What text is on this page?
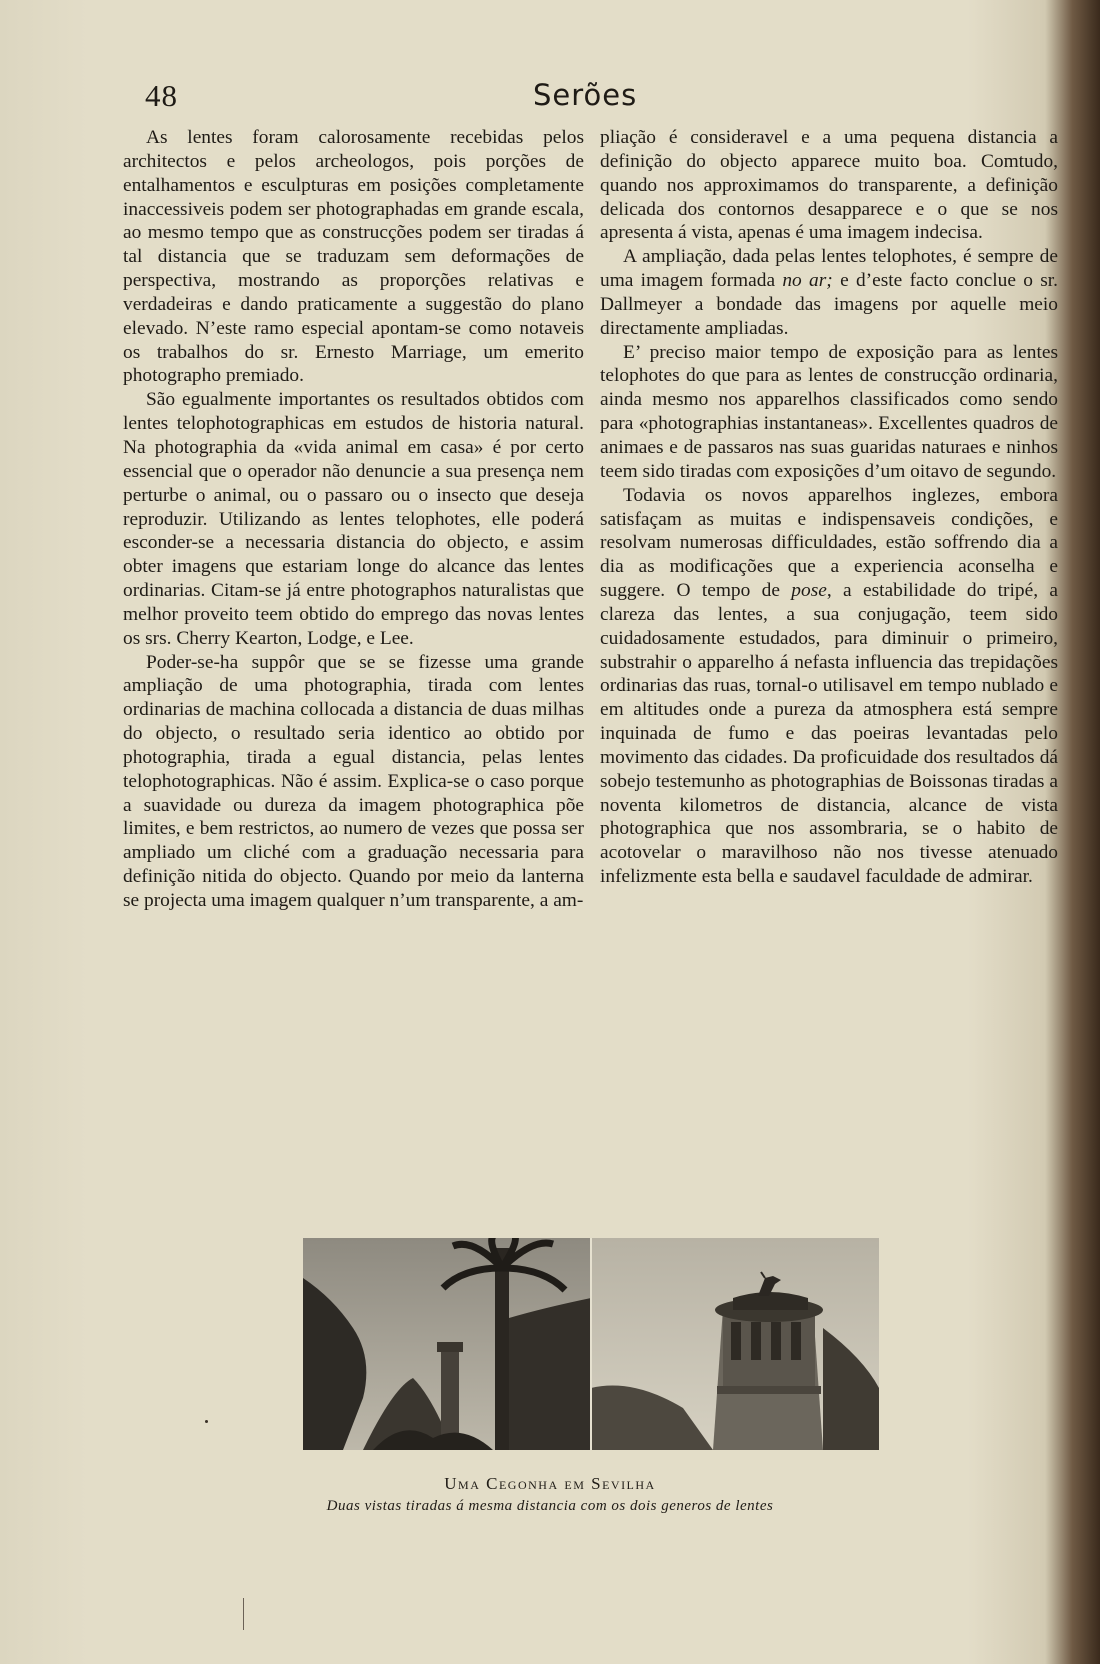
48	Serões

As lentes foram calorosamente recebidas pelos architectos e pelos archeologos, pois porções de entalhamentos e esculpturas em posições completamente inaccessiveis podem ser photographadas em grande escala, ao mesmo tempo que as construcções podem ser tiradas á tal distancia que se traduzam sem deformações de perspectiva, mostrando as proporções relativas e verdadeiras e dando praticamente a suggestão do plano elevado. N’este ramo especial apontam-se como notaveis os trabalhos do sr. Ernesto Marriage, um emerito photographo premiado.

São egualmente importantes os resultados obtidos com lentes telophotographicas em estudos de historia natural. Na photographia da «vida animal em casa» é por certo essencial que o operador não denuncie a sua presença nem perturbe o animal, ou o passaro ou o insecto que deseja reproduzir. Utilizando as lentes telophotes, elle poderá esconder-se a necessaria distancia do objecto, e assim obter imagens que estariam longe do alcance das lentes ordinarias. Citam-se já entre photographos naturalistas que melhor proveito teem obtido do emprego das novas lentes os srs. Cherry Kearton, Lodge, e Lee.

Poder-se-ha suppôr que se se fizesse uma grande ampliação de uma photographia, tirada com lentes ordinarias de machina collocada a distancia de duas milhas do objecto, o resultado seria identico ao obtido por photographia, tirada a egual distancia, pelas lentes telophotographicas. Não é assim. Explica-se o caso porque a suavidade ou dureza da imagem photographica põe limites, e bem restrictos, ao numero de vezes que possa ser ampliado um cliché com a graduação necessaria para definição nitida do objecto. Quando por meio da lanterna se projecta uma imagem qualquer n’um transparente, a am-

pliação é consideravel e a uma pequena distancia a definição do objecto apparece muito boa. Comtudo, quando nos approximamos do transparente, a definição delicada dos contornos desapparece e o que se nos apresenta á vista, apenas é uma imagem indecisa.

A ampliação, dada pelas lentes telophotes, é sempre de uma imagem formada no ar; e d’este facto conclue o sr. Dallmeyer a bondade das imagens por aquelle meio directamente ampliadas.

E’ preciso maior tempo de exposição para as lentes telophotes do que para as lentes de construcção ordinaria, ainda mesmo nos apparelhos classificados como sendo para «photographias instantaneas». Excellentes quadros de animaes e de passaros nas suas guaridas naturaes e ninhos teem sido tiradas com exposições d’um oitavo de segundo.

Todavia os novos apparelhos inglezes, embora satisfaçam as muitas e indispensaveis condições, e resolvam numerosas difficuldades, estão soffrendo dia a dia as modificações que a experiencia aconselha e suggere. O tempo de pose, a estabilidade do tripé, a clareza das lentes, a sua conjugação, teem sido cuidadosamente estudados, para diminuir o primeiro, substrahir o apparelho á nefasta influencia das trepidações ordinarias das ruas, tornal-o utilisavel em tempo nublado e em altitudes onde a pureza da atmosphera está sempre inquinada de fumo e das poeiras levantadas pelo movimento das cidades. Da proficuidade dos resultados dá sobejo testemunho as photographias de Boissonas tiradas a noventa kilometros de distancia, alcance de vista photographica que nos assombraria, se o habito de acotovelar o maravilhoso não nos tivesse atenuado infelizmente esta bella e saudavel faculdade de admirar.

Uma Cegonha em Sevilha
Duas vistas tiradas á mesma distancia com os dois generos de lentes
